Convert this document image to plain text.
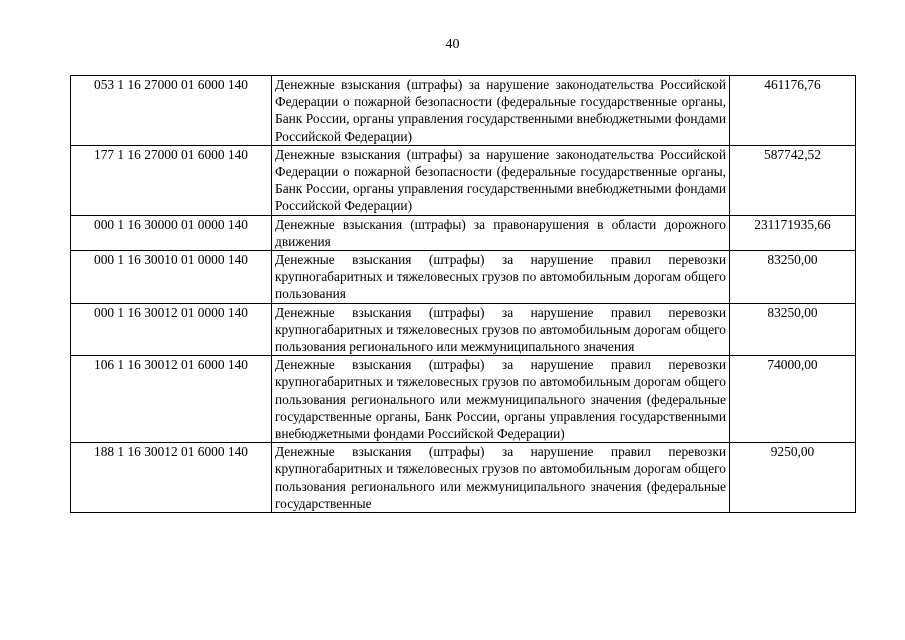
40
053 1 16 27000 01 6000 140	Денежные взыскания (штрафы) за нарушение законодательства Российской Федерации о пожарной безопасности (федеральные государственные органы, Банк России, органы управления государственными внебюджетными фондами Российской Федерации)	461176,76
177 1 16 27000 01 6000 140	Денежные взыскания (штрафы) за нарушение законодательства Российской Федерации о пожарной безопасности (федеральные государственные органы, Банк России, органы управления государственными внебюджетными фондами Российской Федерации)	587742,52
000 1 16 30000 01 0000 140	Денежные взыскания (штрафы) за правонарушения в области дорожного движения	231171935,66
000 1 16 30010 01 0000 140	Денежные взыскания (штрафы) за нарушение правил перевозки крупногабаритных и тяжеловесных грузов по автомобильным дорогам общего пользования	83250,00
000 1 16 30012 01 0000 140	Денежные взыскания (штрафы) за нарушение правил перевозки крупногабаритных и тяжеловесных грузов по автомобильным дорогам общего пользования регионального или межмуниципального значения	83250,00
106 1 16 30012 01 6000 140	Денежные взыскания (штрафы) за нарушение правил перевозки крупногабаритных и тяжеловесных грузов по автомобильным дорогам общего пользования регионального или межмуниципального значения (федеральные государственные органы, Банк России, органы управления государственными внебюджетными фондами Российской Федерации)	74000,00
188 1 16 30012 01 6000 140	Денежные взыскания (штрафы) за нарушение правил перевозки крупногабаритных и тяжеловесных грузов по автомобильным дорогам общего пользования регионального или межмуниципального значения (федеральные государственные	9250,00
